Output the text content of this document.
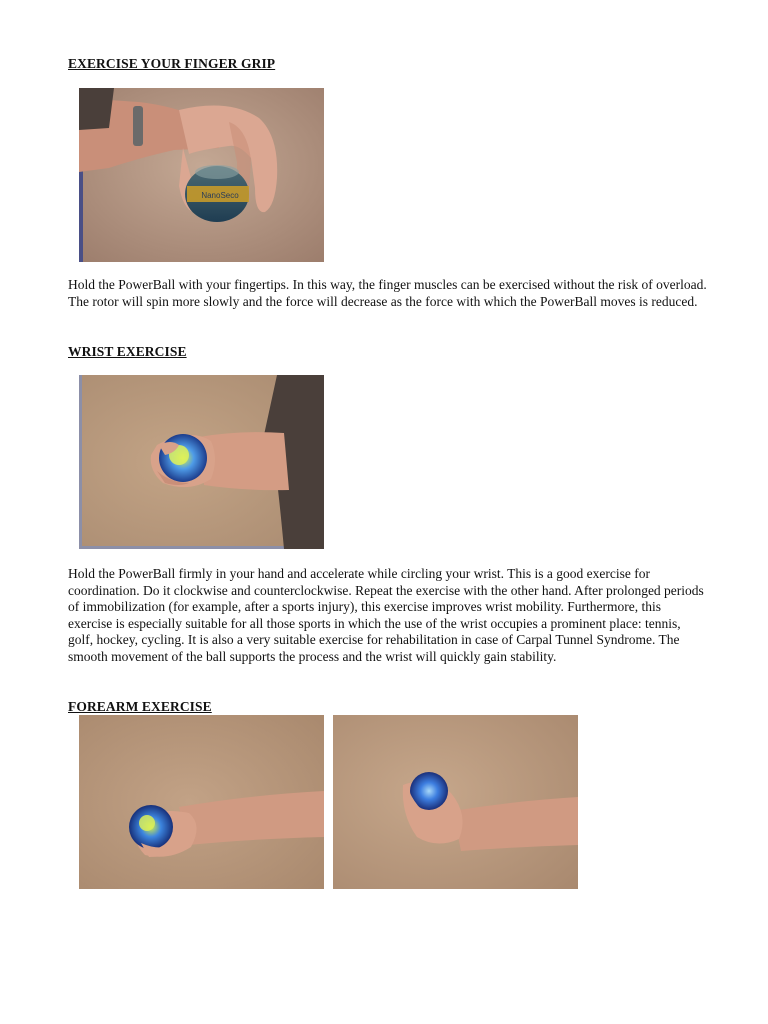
EXERCISE YOUR FINGER GRIP
NanoSeco

Hold the PowerBall with your fingertips. In this way, the finger muscles can be exercised without the risk of overload. The rotor will spin more slowly and the force will decrease as the force with which the PowerBall moves is reduced.

WRIST EXERCISE

Hold the PowerBall firmly in your hand and accelerate while circling your wrist. This is a good exercise for coordination. Do it clockwise and counterclockwise. Repeat the exercise with the other hand. After prolonged periods of immobilization (for example, after a sports injury), this exercise improves wrist mobility. Furthermore, this exercise is especially suitable for all those sports in which the use of the wrist occupies a prominent place: tennis, golf, hockey, cycling. It is also a very suitable exercise for rehabilitation in case of Carpal Tunnel Syndrome. The smooth movement of the ball supports the process and the wrist will quickly gain stability.

FOREARM EXERCISE
